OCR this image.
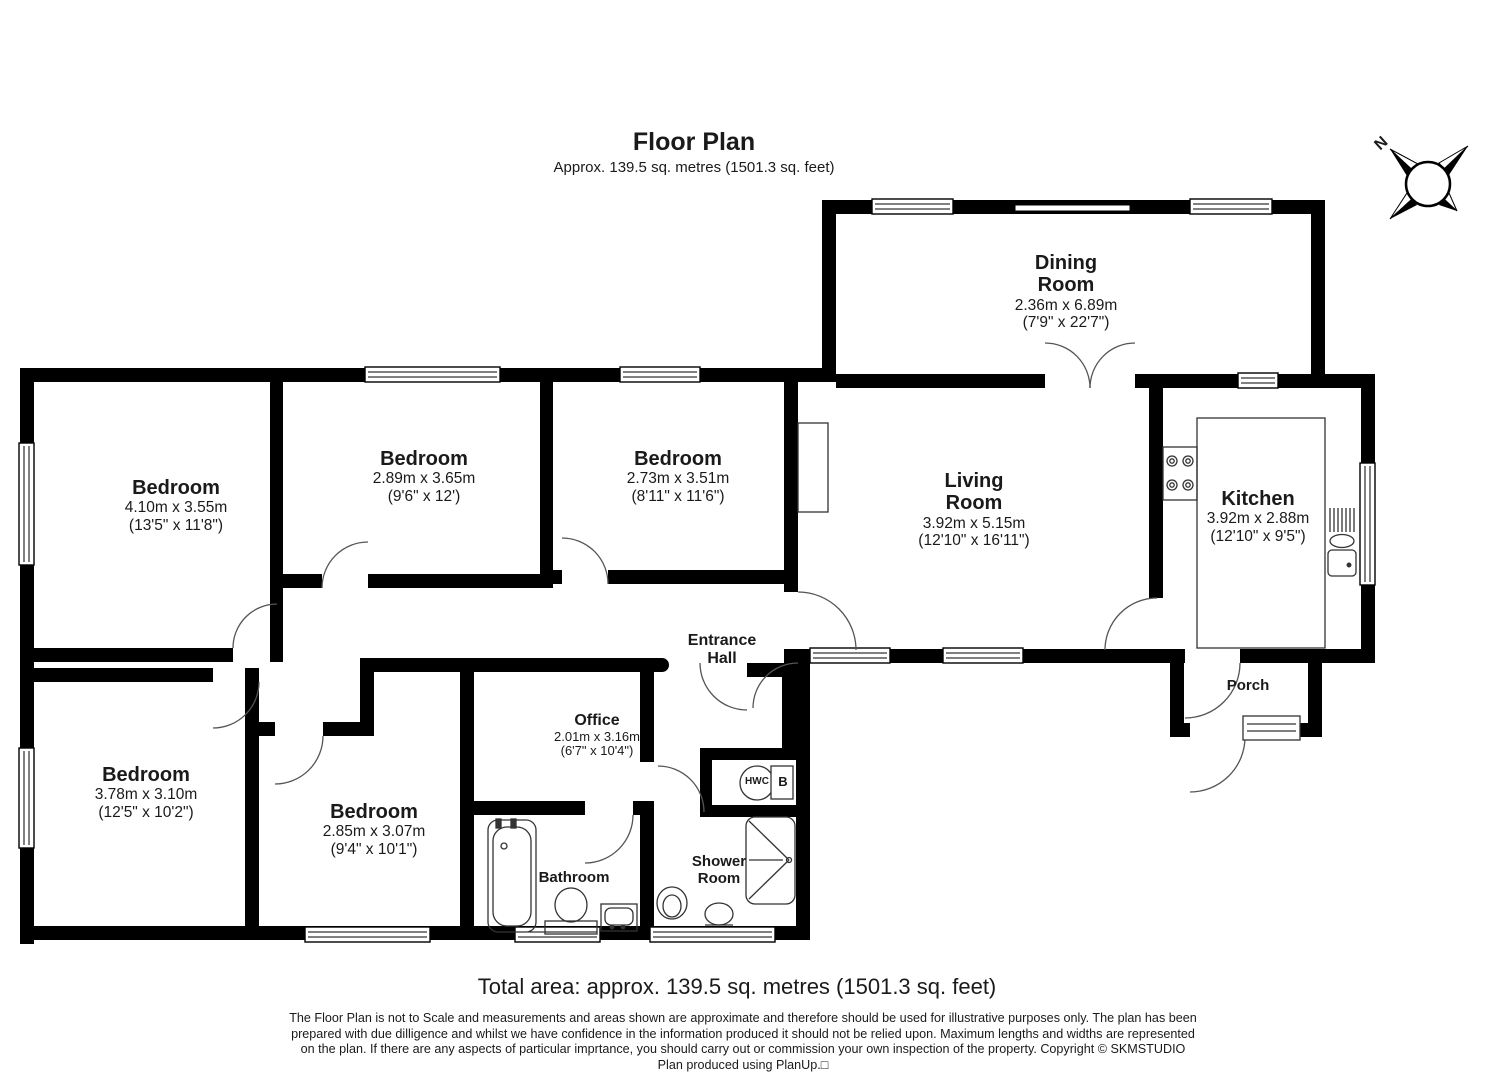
Floor Plan
Approx. 139.5 sq. metres (1501.3 sq. feet)
N
Dining
Room
2.36m x 6.89m
(7'9" x 22'7")
Bedroom
4.10m x 3.55m
(13'5" x 11'8")
Bedroom
2.89m x 3.65m
(9'6" x 12')
Bedroom
2.73m x 3.51m
(8'11" x 11'6")
Living
Room
3.92m x 5.15m
(12'10" x 16'11")
Kitchen
3.92m x 2.88m
(12'10" x 9'5")
Entrance
Hall
Office
2.01m x 3.16m
(6'7" x 10'4")
Bedroom
3.78m x 3.10m
(12'5" x 10'2")	Bedroom
2.85m x 3.07m
(9'4" x 10'1")
Bathroom
Shower
Room
Porch
HWC B
Total area: approx. 139.5 sq. metres (1501.3 sq. feet)
The Floor Plan is not to Scale and measurements and areas shown are approximate and therefore should be used for illustrative purposes only. The plan has been
prepared with due dilligence and whilst we have confidence in the information produced it should not be relied upon. Maximum lengths and widths are represented
on the plan. If there are any aspects of particular imprtance, you should carry out or commission your own inspection of the property. Copyright © SKMSTUDIO
Plan produced using PlanUp.□
